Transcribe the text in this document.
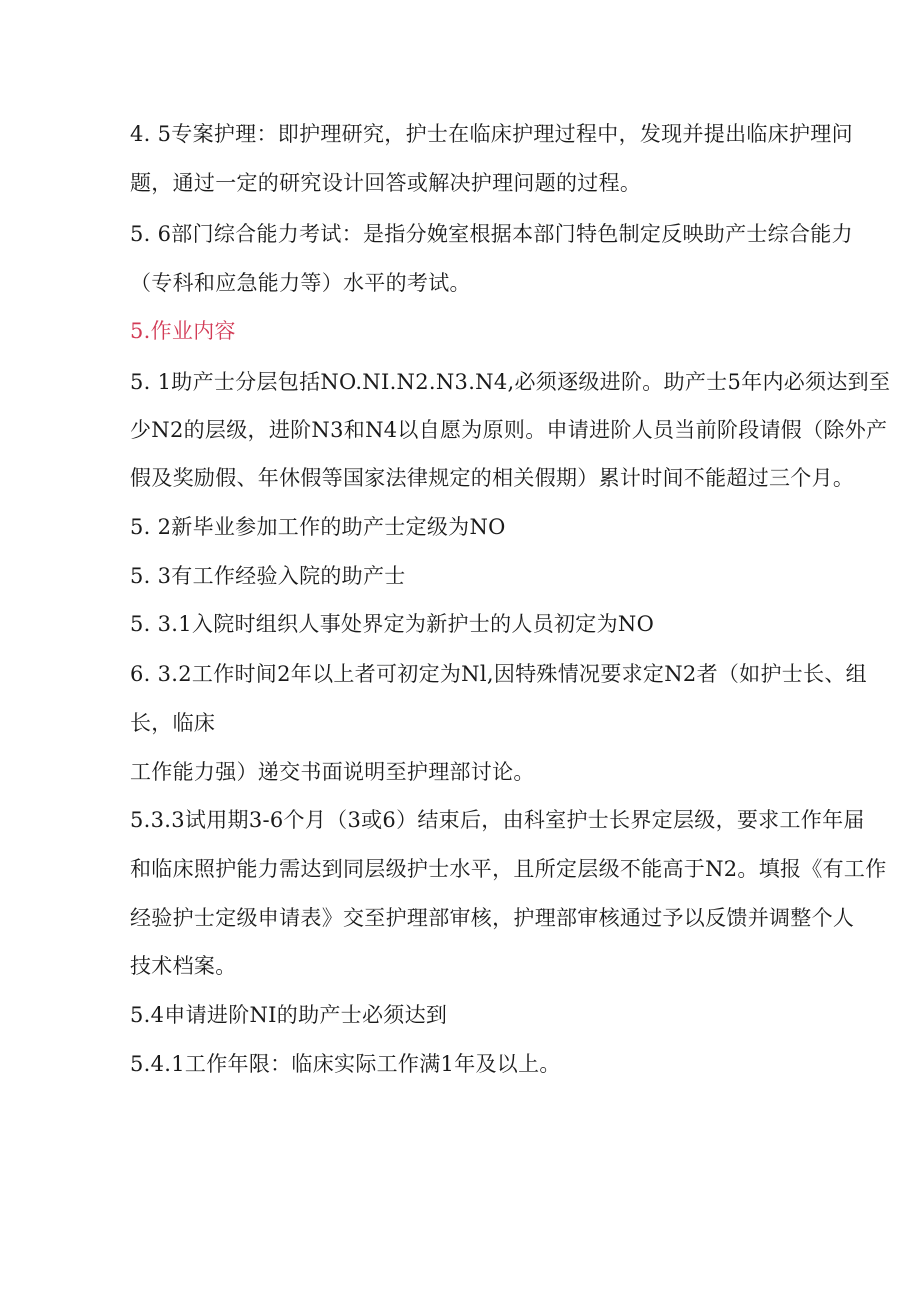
4. 5专案护理：即护理研究，护士在临床护理过程中，发现并提出临床护理问
题，通过一定的研究设计回答或解决护理问题的过程。
5. 6部门综合能力考试：是指分娩室根据本部门特色制定反映助产士综合能力
（专科和应急能力等）水平的考试。
5.作业内容
5. 1助产士分层包括NO.NI.N2.N3.N4,必须逐级进阶。助产士5年内必须达到至
少N2的层级，进阶N3和N4以自愿为原则。申请进阶人员当前阶段请假（除外产
假及奖励假、年休假等国家法律规定的相关假期）累计时间不能超过三个月。
5. 2新毕业参加工作的助产士定级为NO
5. 3有工作经验入院的助产士
5. 3.1入院时组织人事处界定为新护士的人员初定为NO
6. 3.2工作时间2年以上者可初定为Nl,因特殊情况要求定N2者（如护士长、组
长，临床
工作能力强）递交书面说明至护理部讨论。
5.3.3试用期3-6个月（3或6）结束后，由科室护士长界定层级，要求工作年届
和临床照护能力需达到同层级护士水平，且所定层级不能高于N2。填报《有工作
经验护士定级申请表》交至护理部审核，护理部审核通过予以反馈并调整个人
技术档案。
5.4申请进阶NI的助产士必须达到
5.4.1工作年限：临床实际工作满1年及以上。
